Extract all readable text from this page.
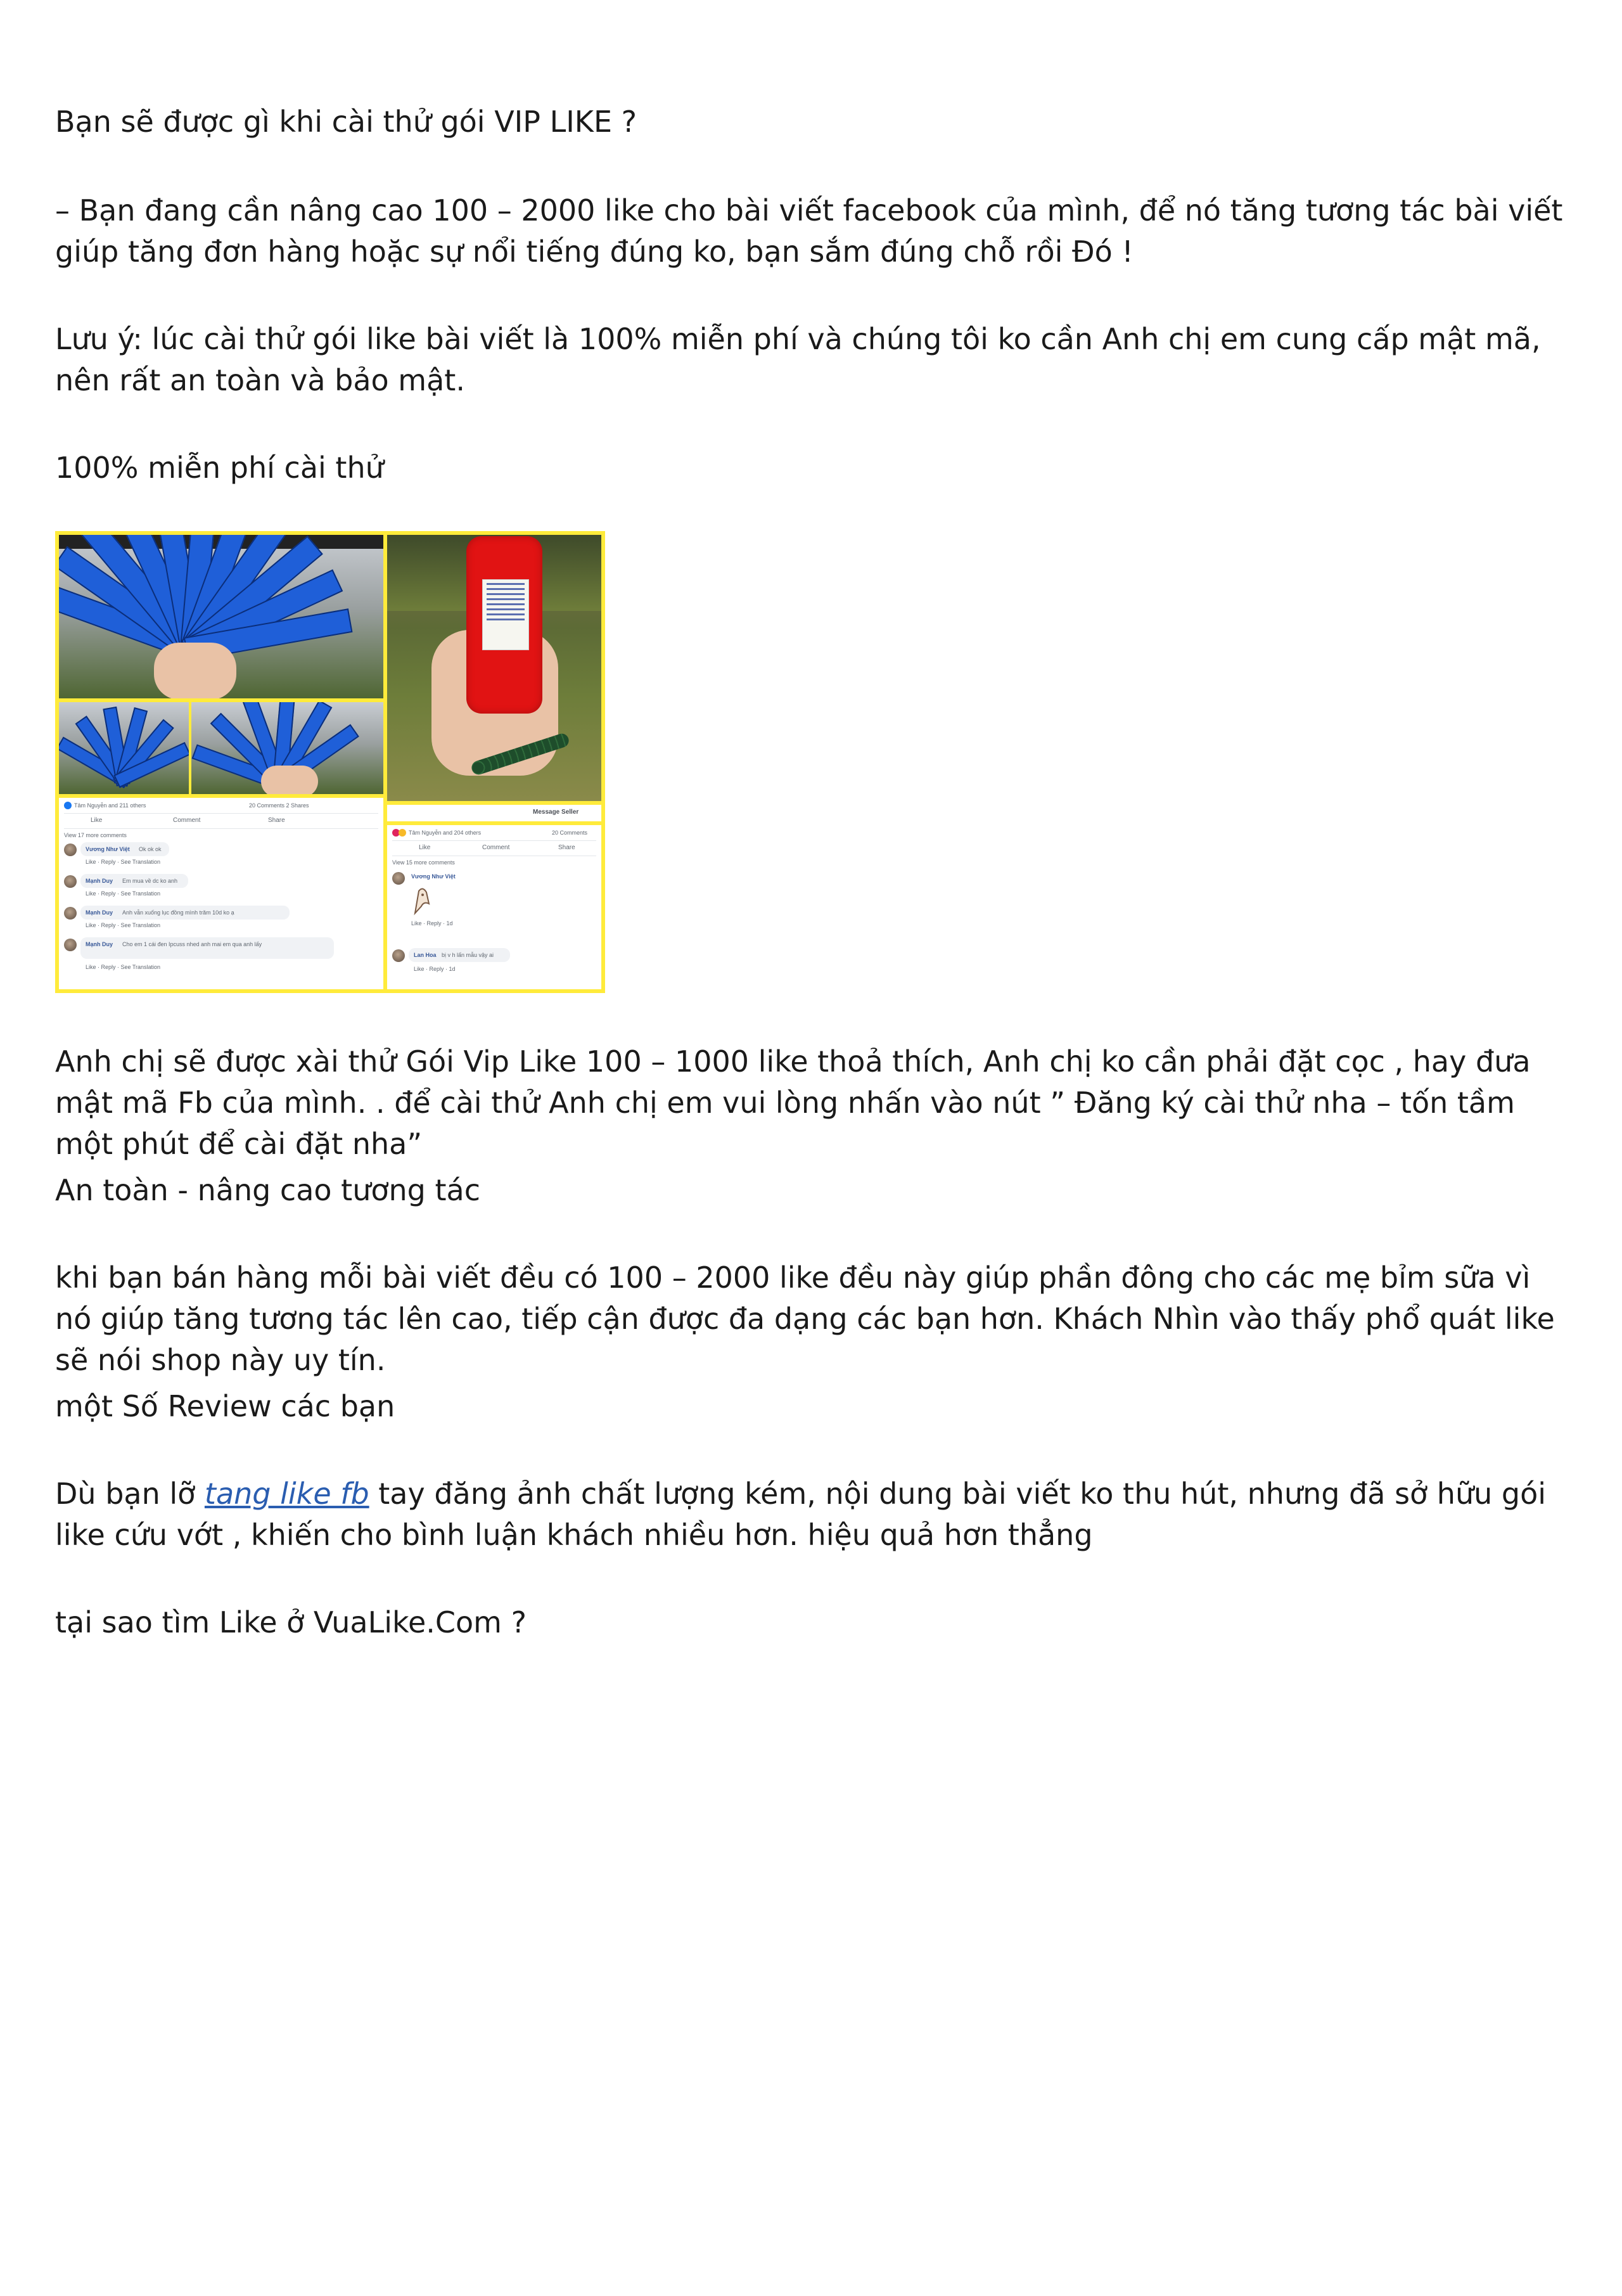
Bạn sẽ được gì khi cài thử gói VIP LIKE ?

– Bạn đang cần nâng cao 100 – 2000 like cho bài viết facebook của mình, để nó tăng tương tác bài viết giúp tăng đơn hàng hoặc sự nổi tiếng đúng ko, bạn sắm đúng chỗ rồi Đó !

Lưu ý: lúc cài thử gói like bài viết là 100% miễn phí và chúng tôi ko cần Anh chị em cung cấp mật mã, nên rất an toàn và bảo mật.

100% miễn phí cài thử

Tâm Nguyễn and 211 others	20 Comments 2 Shares
Like	Comment	Share
View 17 more comments
Vương Như Việt Ok ok ok
Like · Reply · See Translation
Mạnh Duy Em mua về dc ko anh
Like · Reply · See Translation
Mạnh Duy Anh vẫn xuống lục đồng mình trăm 10d ko ạ
Like · Reply · See Translation
Mạnh Duy Cho em 1 cái đen Ipcuss nhed anh mai em qua anh lấy
Like · Reply · See Translation
Message Seller
Tâm Nguyễn and 204 others	20 Comments
Like	Comment	Share
View 15 more comments
Vương Như Việt
Like · Reply · 1d
Lan Hoa bị v h lấn mẫu vậy ai
Like · Reply · 1d

Anh chị sẽ được xài thử Gói Vip Like 100 – 1000 like thoả thích, Anh chị ko cần phải đặt cọc , hay đưa mật mã Fb của mình. . để cài thử Anh chị em vui lòng nhấn vào nút ” Đăng ký cài thử nha – tốn tầm một phút để cài đặt nha”

An toàn - nâng cao tương tác

khi bạn bán hàng mỗi bài viết đều có 100 – 2000 like đều này giúp phần đông cho các mẹ bỉm sữa vì nó giúp tăng tương tác lên cao, tiếp cận được đa dạng các bạn hơn. Khách Nhìn vào thấy phổ quát like sẽ nói shop này uy tín.

một Số Review các bạn

Dù bạn lỡ tang like fb tay đăng ảnh chất lượng kém, nội dung bài viết ko thu hút, nhưng đã sở hữu gói like cứu vớt , khiến cho bình luận khách nhiều hơn. hiệu quả hơn thẳng

tại sao tìm Like ở VuaLike.Com ?
